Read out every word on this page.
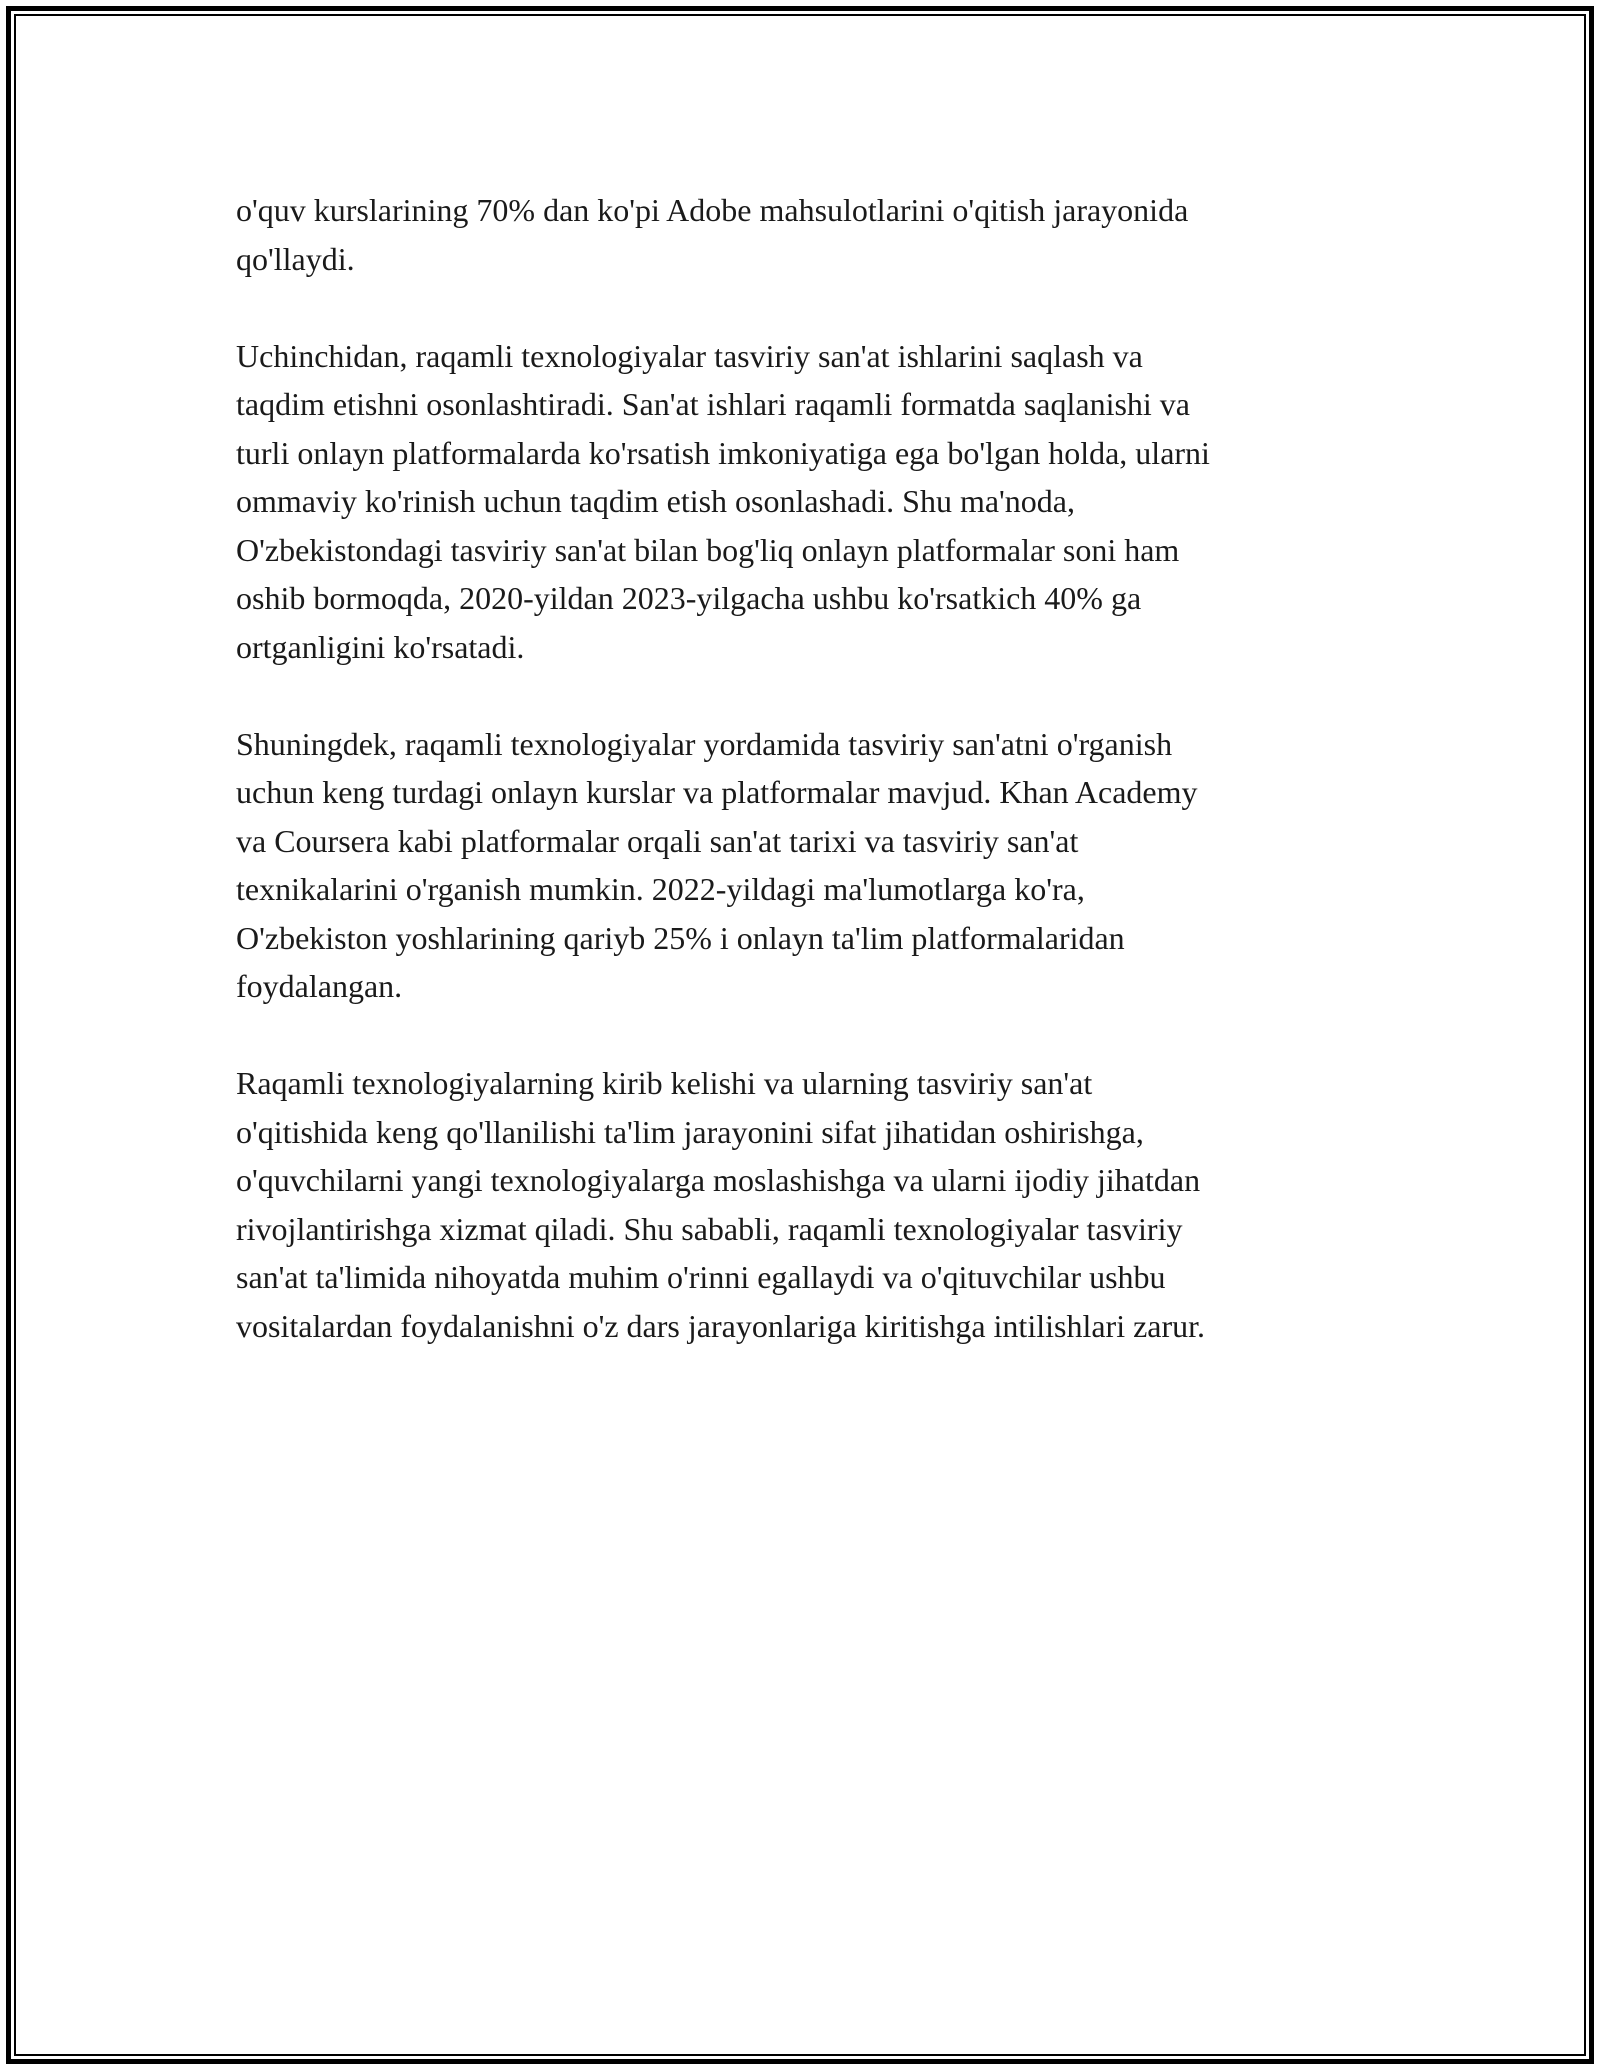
o'quv kurslarining 70% dan ko'pi Adobe mahsulotlarini o'qitish jarayonida
qo'llaydi.

Uchinchidan, raqamli texnologiyalar tasviriy san'at ishlarini saqlash va
taqdim etishni osonlashtiradi. San'at ishlari raqamli formatda saqlanishi va
turli onlayn platformalarda ko'rsatish imkoniyatiga ega bo'lgan holda, ularni
ommaviy ko'rinish uchun taqdim etish osonlashadi. Shu ma'noda,
O'zbekistondagi tasviriy san'at bilan bog'liq onlayn platformalar soni ham
oshib bormoqda, 2020-yildan 2023-yilgacha ushbu ko'rsatkich 40% ga
ortganligini ko'rsatadi.

Shuningdek, raqamli texnologiyalar yordamida tasviriy san'atni o'rganish
uchun keng turdagi onlayn kurslar va platformalar mavjud. Khan Academy
va Coursera kabi platformalar orqali san'at tarixi va tasviriy san'at
texnikalarini o'rganish mumkin. 2022-yildagi ma'lumotlarga ko'ra,
O'zbekiston yoshlarining qariyb 25% i onlayn ta'lim platformalaridan
foydalangan.

Raqamli texnologiyalarning kirib kelishi va ularning tasviriy san'at
o'qitishida keng qo'llanilishi ta'lim jarayonini sifat jihatidan oshirishga,
o'quvchilarni yangi texnologiyalarga moslashishga va ularni ijodiy jihatdan
rivojlantirishga xizmat qiladi. Shu sababli, raqamli texnologiyalar tasviriy
san'at ta'limida nihoyatda muhim o'rinni egallaydi va o'qituvchilar ushbu
vositalardan foydalanishni o'z dars jarayonlariga kiritishga intilishlari zarur.
